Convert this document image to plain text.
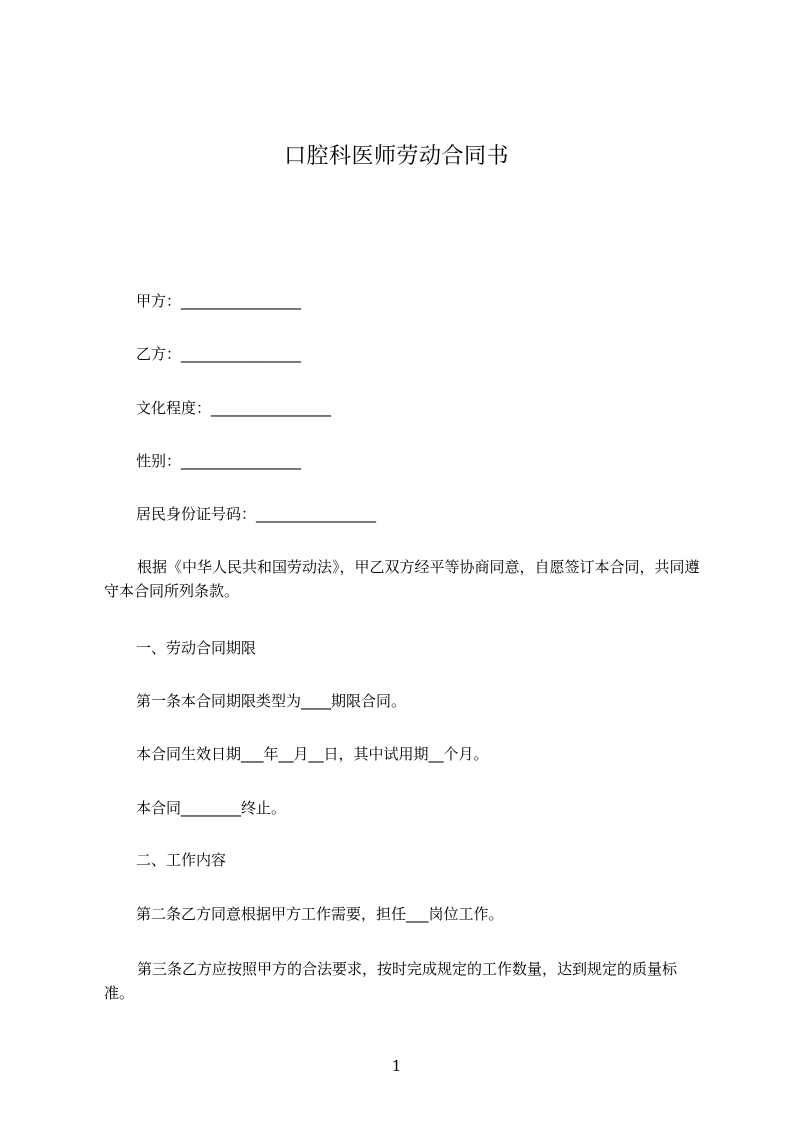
口腔科医师劳动合同书
甲方：________________
乙方：________________
文化程度：________________
性别：________________
居民身份证号码：________________
根据《中华人民共和国劳动法》，甲乙双方经平等协商同意，自愿签订本合同，共同遵守本合同所列条款。
一、劳动合同期限
第一条本合同期限类型为____期限合同。
本合同生效日期___年__月__日，其中试用期__个月。
本合同________终止。
二、工作内容
第二条乙方同意根据甲方工作需要，担任___岗位工作。
第三条乙方应按照甲方的合法要求，按时完成规定的工作数量，达到规定的质量标准。
1
